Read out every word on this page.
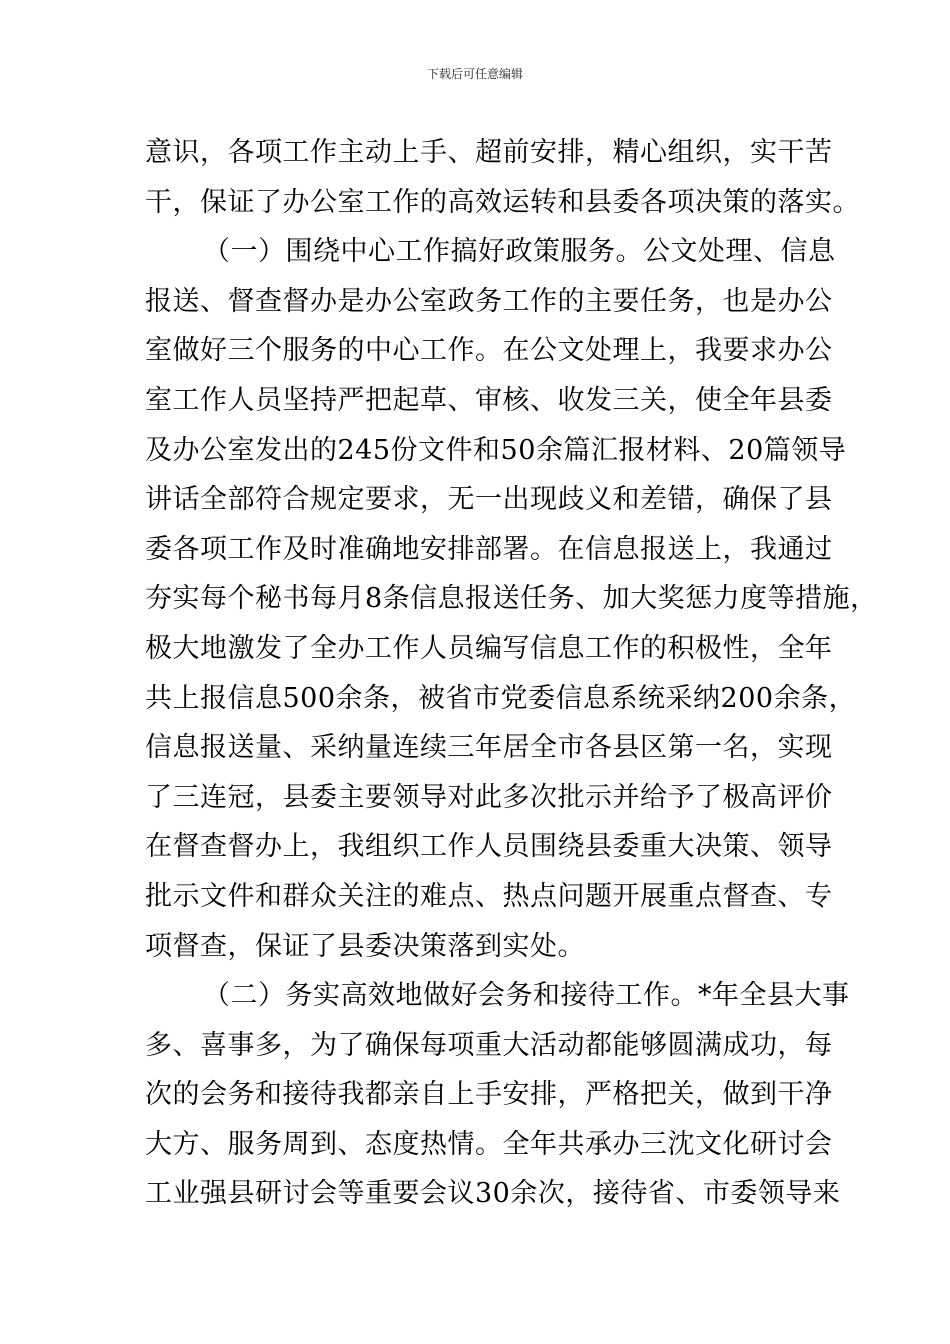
下载后可任意编辑
意识，各项工作主动上手、超前安排，精心组织，实干苦
干，保证了办公室工作的高效运转和县委各项决策的落实。
（一）围绕中心工作搞好政策服务。公文处理、信息
报送、督查督办是办公室政务工作的主要任务，也是办公
室做好三个服务的中心工作。在公文处理上，我要求办公
室工作人员坚持严把起草、审核、收发三关，使全年县委
及办公室发出的245份文件和50余篇汇报材料、20篇领导
讲话全部符合规定要求，无一出现歧义和差错，确保了县
委各项工作及时准确地安排部署。在信息报送上，我通过
夯实每个秘书每月8条信息报送任务、加大奖惩力度等措施，
极大地激发了全办工作人员编写信息工作的积极性，全年
共上报信息500余条，被省市党委信息系统采纳200余条，
信息报送量、采纳量连续三年居全市各县区第一名，实现
了三连冠，县委主要领导对此多次批示并给予了极高评价
在督查督办上，我组织工作人员围绕县委重大决策、领导
批示文件和群众关注的难点、热点问题开展重点督查、专
项督查，保证了县委决策落到实处。
（二）务实高效地做好会务和接待工作。*年全县大事
多、喜事多，为了确保每项重大活动都能够圆满成功，每
次的会务和接待我都亲自上手安排，严格把关，做到干净
大方、服务周到、态度热情。全年共承办三沈文化研讨会
工业强县研讨会等重要会议30余次，接待省、市委领导来
